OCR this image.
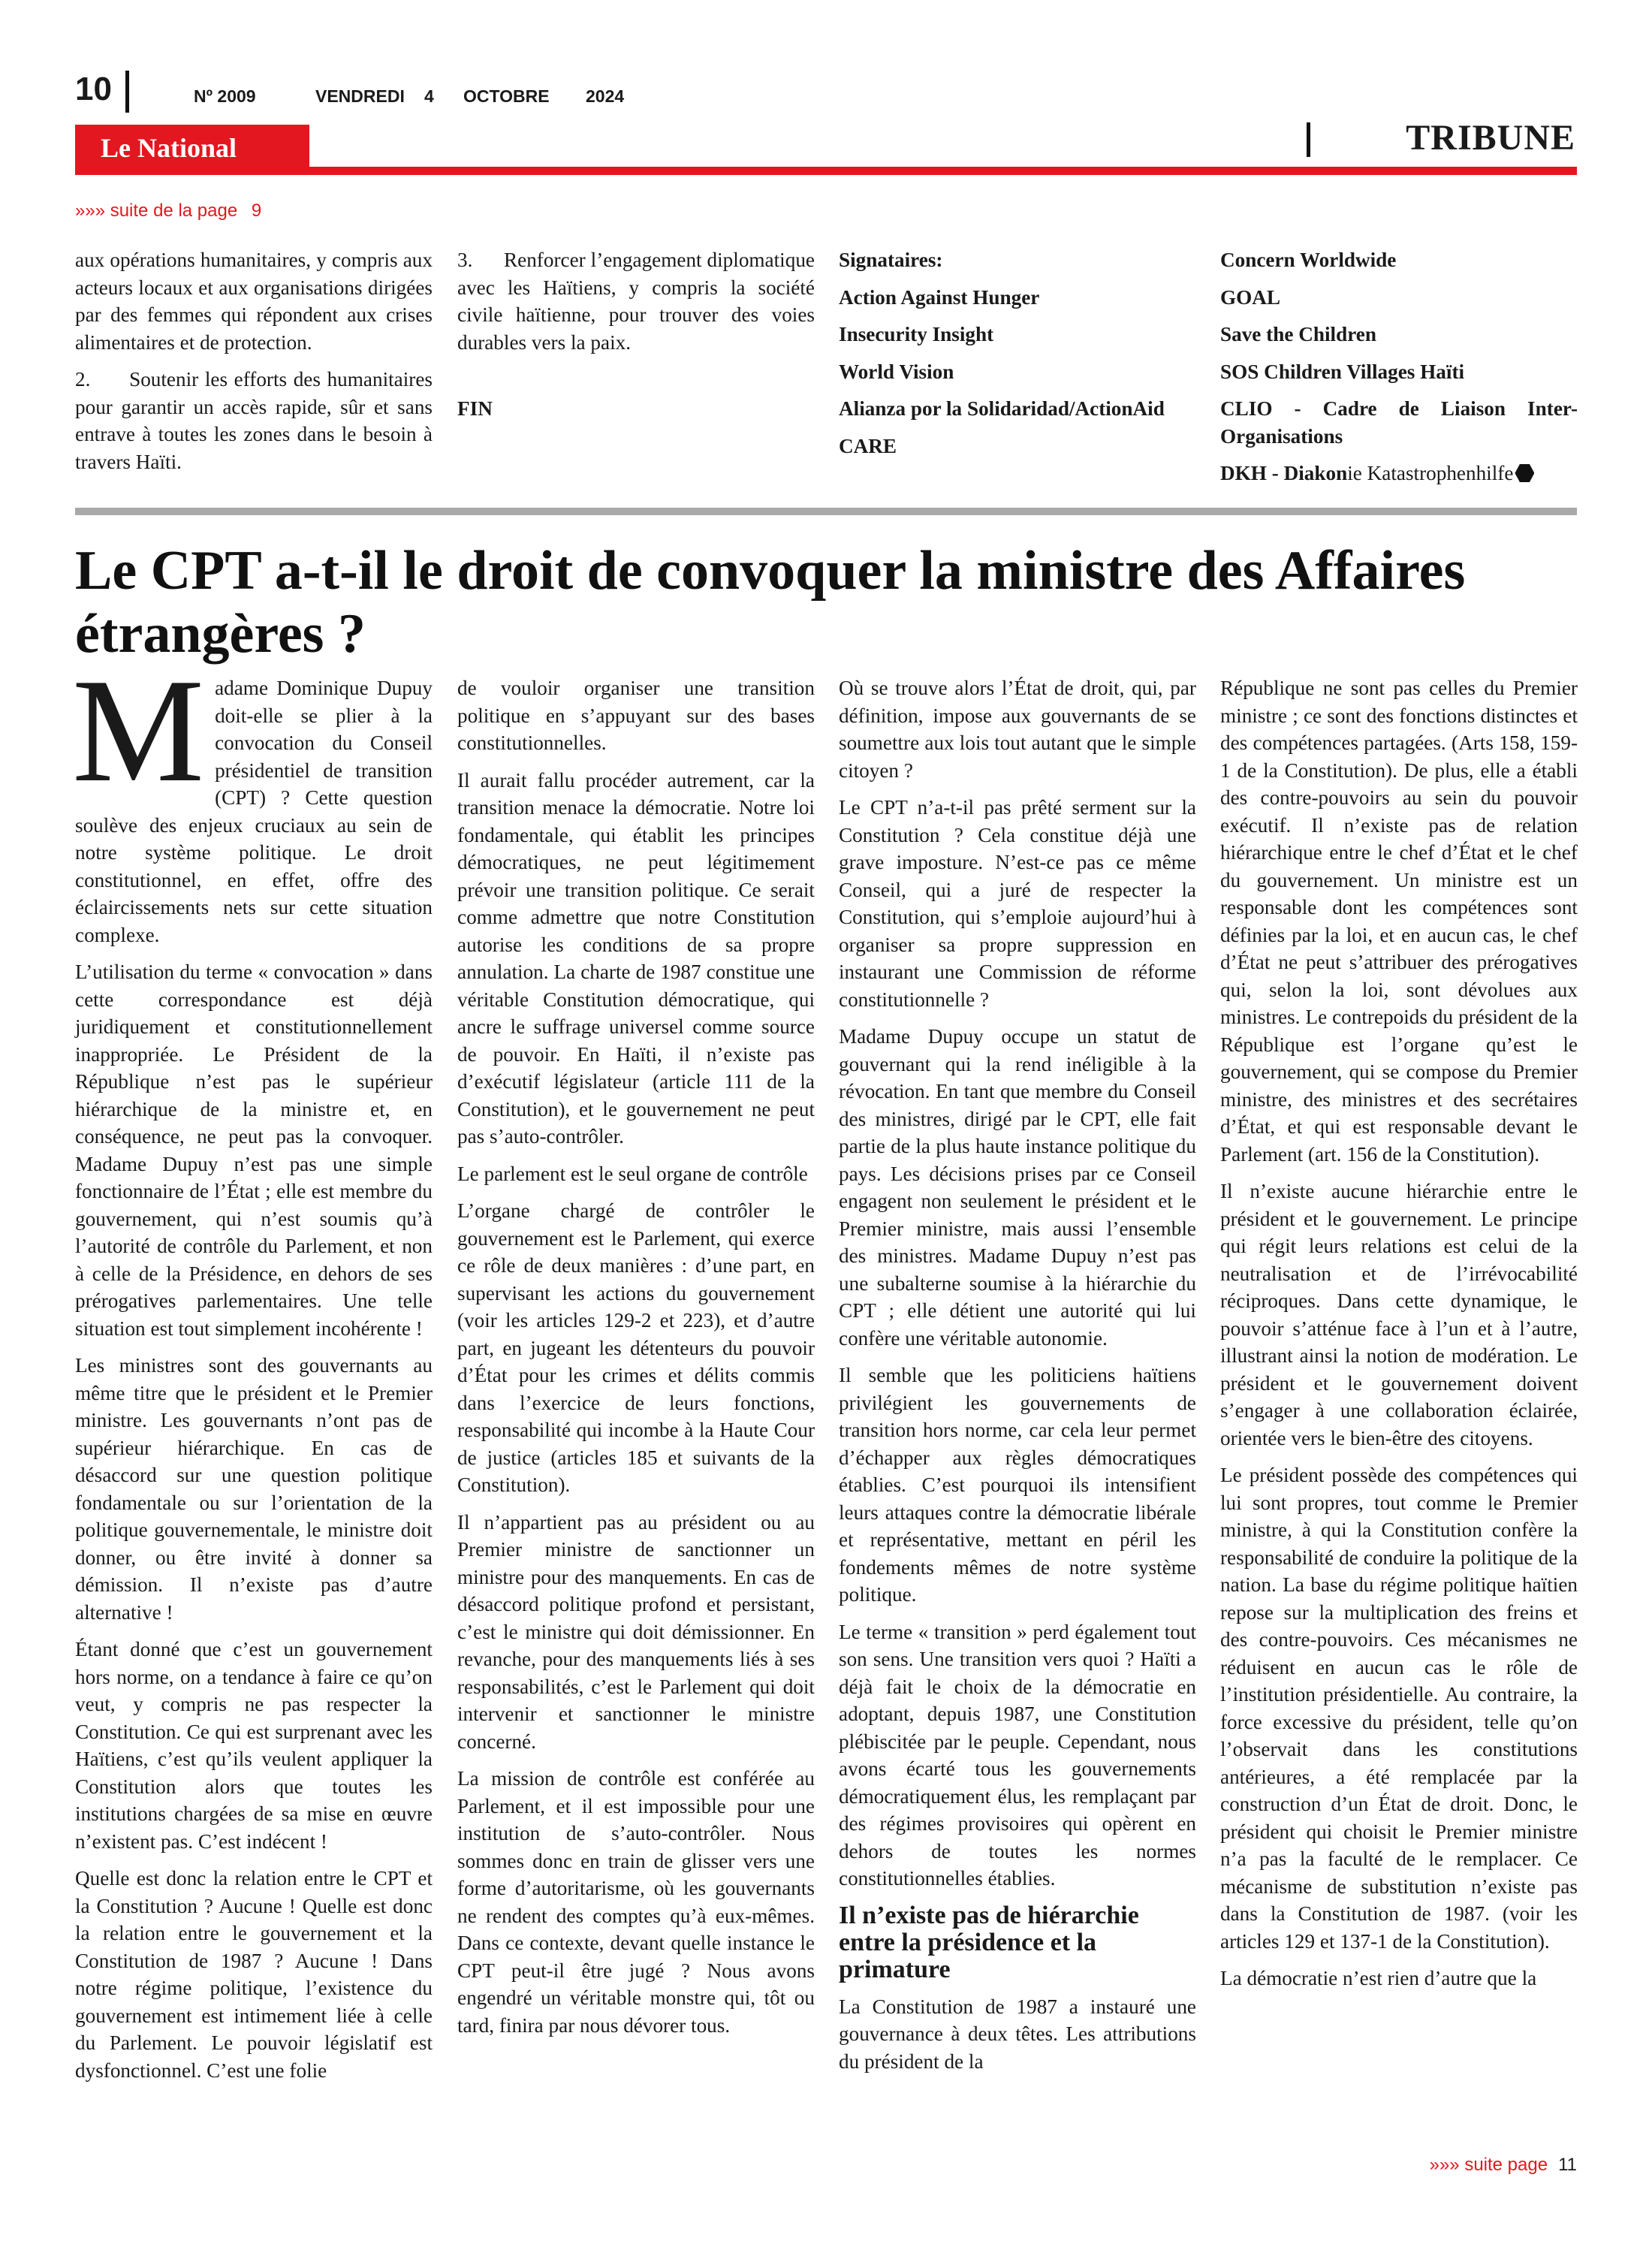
10	Nº 2009	VENDREDI 4 OCTOBRE 2024
Le National	TRIBUNE
»»» suite de la page 9

aux opérations humanitaires, y compris aux acteurs locaux et aux organisations dirigées par des femmes qui répondent aux crises alimentaires et de protection.

2.      Soutenir les efforts des humanitaires pour garantir un accès rapide, sûr et sans entrave à toutes les zones dans le besoin à travers Haïti.

3.      Renforcer l’engagement diplomatique avec les Haïtiens, y compris la société civile haïtienne, pour trouver des voies durables vers la paix.

FIN

Signataires:

Action Against Hunger

Insecurity Insight

World Vision

Alianza por la Solidaridad/ActionAid

CARE

Concern Worldwide

GOAL

Save the Children

SOS Children Villages Haïti

CLIO - Cadre de Liaison Inter-Organisations

DKH - Diakonie Katastrophenhilfe

Le CPT a-t-il le droit de convoquer la ministre des Affaires étrangères ?

Madame Dominique Dupuy doit-elle se plier à la convocation du Conseil présidentiel de transition (CPT) ? Cette question soulève des enjeux cruciaux au sein de notre système politique. Le droit constitutionnel, en effet, offre des éclaircissements nets sur cette situation complexe.

L’utilisation du terme « convocation » dans cette correspondance est déjà juridiquement et constitutionnellement inappropriée. Le Président de la République n’est pas le supérieur hiérarchique de la ministre et, en conséquence, ne peut pas la convoquer. Madame Dupuy n’est pas une simple fonctionnaire de l’État ; elle est membre du gouvernement, qui n’est soumis qu’à l’autorité de contrôle du Parlement, et non à celle de la Présidence, en dehors de ses prérogatives parlementaires. Une telle situation est tout simplement incohérente !

Les ministres sont des gouvernants au même titre que le président et le Premier ministre. Les gouvernants n’ont pas de supérieur hiérarchique. En cas de désaccord sur une question politique fondamentale ou sur l’orientation de la politique gouvernementale, le ministre doit donner, ou être invité à donner sa démission. Il n’existe pas d’autre alternative !

Étant donné que c’est un gouvernement hors norme, on a tendance à faire ce qu’on veut, y compris ne pas respecter la Constitution. Ce qui est surprenant avec les Haïtiens, c’est qu’ils veulent appliquer la Constitution alors que toutes les institutions chargées de sa mise en œuvre n’existent pas. C’est indécent !

Quelle est donc la relation entre le CPT et la Constitution ? Aucune ! Quelle est donc la relation entre le gouvernement et la Constitution de 1987 ? Aucune ! Dans notre régime politique, l’existence du gouvernement est intimement liée à celle du Parlement. Le pouvoir législatif est dysfonctionnel. C’est une folie

de vouloir organiser une transition politique en s’appuyant sur des bases constitutionnelles.

Il aurait fallu procéder autrement, car la transition menace la démocratie. Notre loi fondamentale, qui établit les principes démocratiques, ne peut légitimement prévoir une transition politique. Ce serait comme admettre que notre Constitution autorise les conditions de sa propre annulation. La charte de 1987 constitue une véritable Constitution démocratique, qui ancre le suffrage universel comme source de pouvoir. En Haïti, il n’existe pas d’exécutif législateur (article 111 de la Constitution), et le gouvernement ne peut pas s’auto-contrôler.

Le parlement est le seul organe de contrôle

L’organe chargé de contrôler le gouvernement est le Parlement, qui exerce ce rôle de deux manières : d’une part, en supervisant les actions du gouvernement (voir les articles 129-2 et 223), et d’autre part, en jugeant les détenteurs du pouvoir d’État pour les crimes et délits commis dans l’exercice de leurs fonctions, responsabilité qui incombe à la Haute Cour de justice (articles 185 et suivants de la Constitution).

Il n’appartient pas au président ou au Premier ministre de sanctionner un ministre pour des manquements. En cas de désaccord politique profond et persistant, c’est le ministre qui doit démissionner. En revanche, pour des manquements liés à ses responsabilités, c’est le Parlement qui doit intervenir et sanctionner le ministre concerné.

La mission de contrôle est conférée au Parlement, et il est impossible pour une institution de s’auto-contrôler. Nous sommes donc en train de glisser vers une forme d’autoritarisme, où les gouvernants ne rendent des comptes qu’à eux-mêmes. Dans ce contexte, devant quelle instance le CPT peut-il être jugé ? Nous avons engendré un véritable monstre qui, tôt ou tard, finira par nous dévorer tous.

Où se trouve alors l’État de droit, qui, par définition, impose aux gouvernants de se soumettre aux lois tout autant que le simple citoyen ?

Le CPT n’a-t-il pas prêté serment sur la Constitution ? Cela constitue déjà une grave imposture. N’est-ce pas ce même Conseil, qui a juré de respecter la Constitution, qui s’emploie aujourd’hui à organiser sa propre suppression en instaurant une Commission de réforme constitutionnelle ?

Madame Dupuy occupe un statut de gouvernant qui la rend inéligible à la révocation. En tant que membre du Conseil des ministres, dirigé par le CPT, elle fait partie de la plus haute instance politique du pays. Les décisions prises par ce Conseil engagent non seulement le président et le Premier ministre, mais aussi l’ensemble des ministres. Madame Dupuy n’est pas une subalterne soumise à la hiérarchie du CPT ; elle détient une autorité qui lui confère une véritable autonomie.

Il semble que les politiciens haïtiens privilégient les gouvernements de transition hors norme, car cela leur permet d’échapper aux règles démocratiques établies. C’est pourquoi ils intensifient leurs attaques contre la démocratie libérale et représentative, mettant en péril les fondements mêmes de notre système politique.

Le terme « transition » perd également tout son sens. Une transition vers quoi ? Haïti a déjà fait le choix de la démocratie en adoptant, depuis 1987, une Constitution plébiscitée par le peuple. Cependant, nous avons écarté tous les gouvernements démocratiquement élus, les remplaçant par des régimes provisoires qui opèrent en dehors de toutes les normes constitutionnelles établies.

Il n’existe pas de hiérarchie entre la présidence et la primature

La Constitution de 1987 a instauré une gouvernance à deux têtes. Les attributions du président de la

République ne sont pas celles du Premier ministre ; ce sont des fonctions distinctes et des compétences partagées. (Arts 158, 159-1 de la Constitution). De plus, elle a établi des contre-pouvoirs au sein du pouvoir exécutif. Il n’existe pas de relation hiérarchique entre le chef d’État et le chef du gouvernement. Un ministre est un responsable dont les compétences sont définies par la loi, et en aucun cas, le chef d’État ne peut s’attribuer des prérogatives qui, selon la loi, sont dévolues aux ministres. Le contrepoids du président de la République est l’organe qu’est le gouvernement, qui se compose du Premier ministre, des ministres et des secrétaires d’État, et qui est responsable devant le Parlement (art. 156 de la Constitution).

Il n’existe aucune hiérarchie entre le président et le gouvernement. Le principe qui régit leurs relations est celui de la neutralisation et de l’irrévocabilité réciproques. Dans cette dynamique, le pouvoir s’atténue face à l’un et à l’autre, illustrant ainsi la notion de modération. Le président et le gouvernement doivent s’engager à une collaboration éclairée, orientée vers le bien-être des citoyens.

Le président possède des compétences qui lui sont propres, tout comme le Premier ministre, à qui la Constitution confère la responsabilité de conduire la politique de la nation. La base du régime politique haïtien repose sur la multiplication des freins et des contre-pouvoirs. Ces mécanismes ne réduisent en aucun cas le rôle de l’institution présidentielle. Au contraire, la force excessive du président, telle qu’on l’observait dans les constitutions antérieures, a été remplacée par la construction d’un État de droit. Donc, le président qui choisit le Premier ministre n’a pas la faculté de le remplacer. Ce mécanisme de substitution n’existe pas dans la Constitution de 1987. (voir les articles 129 et 137-1 de la Constitution).

La démocratie n’est rien d’autre que la

»»» suite page 11
